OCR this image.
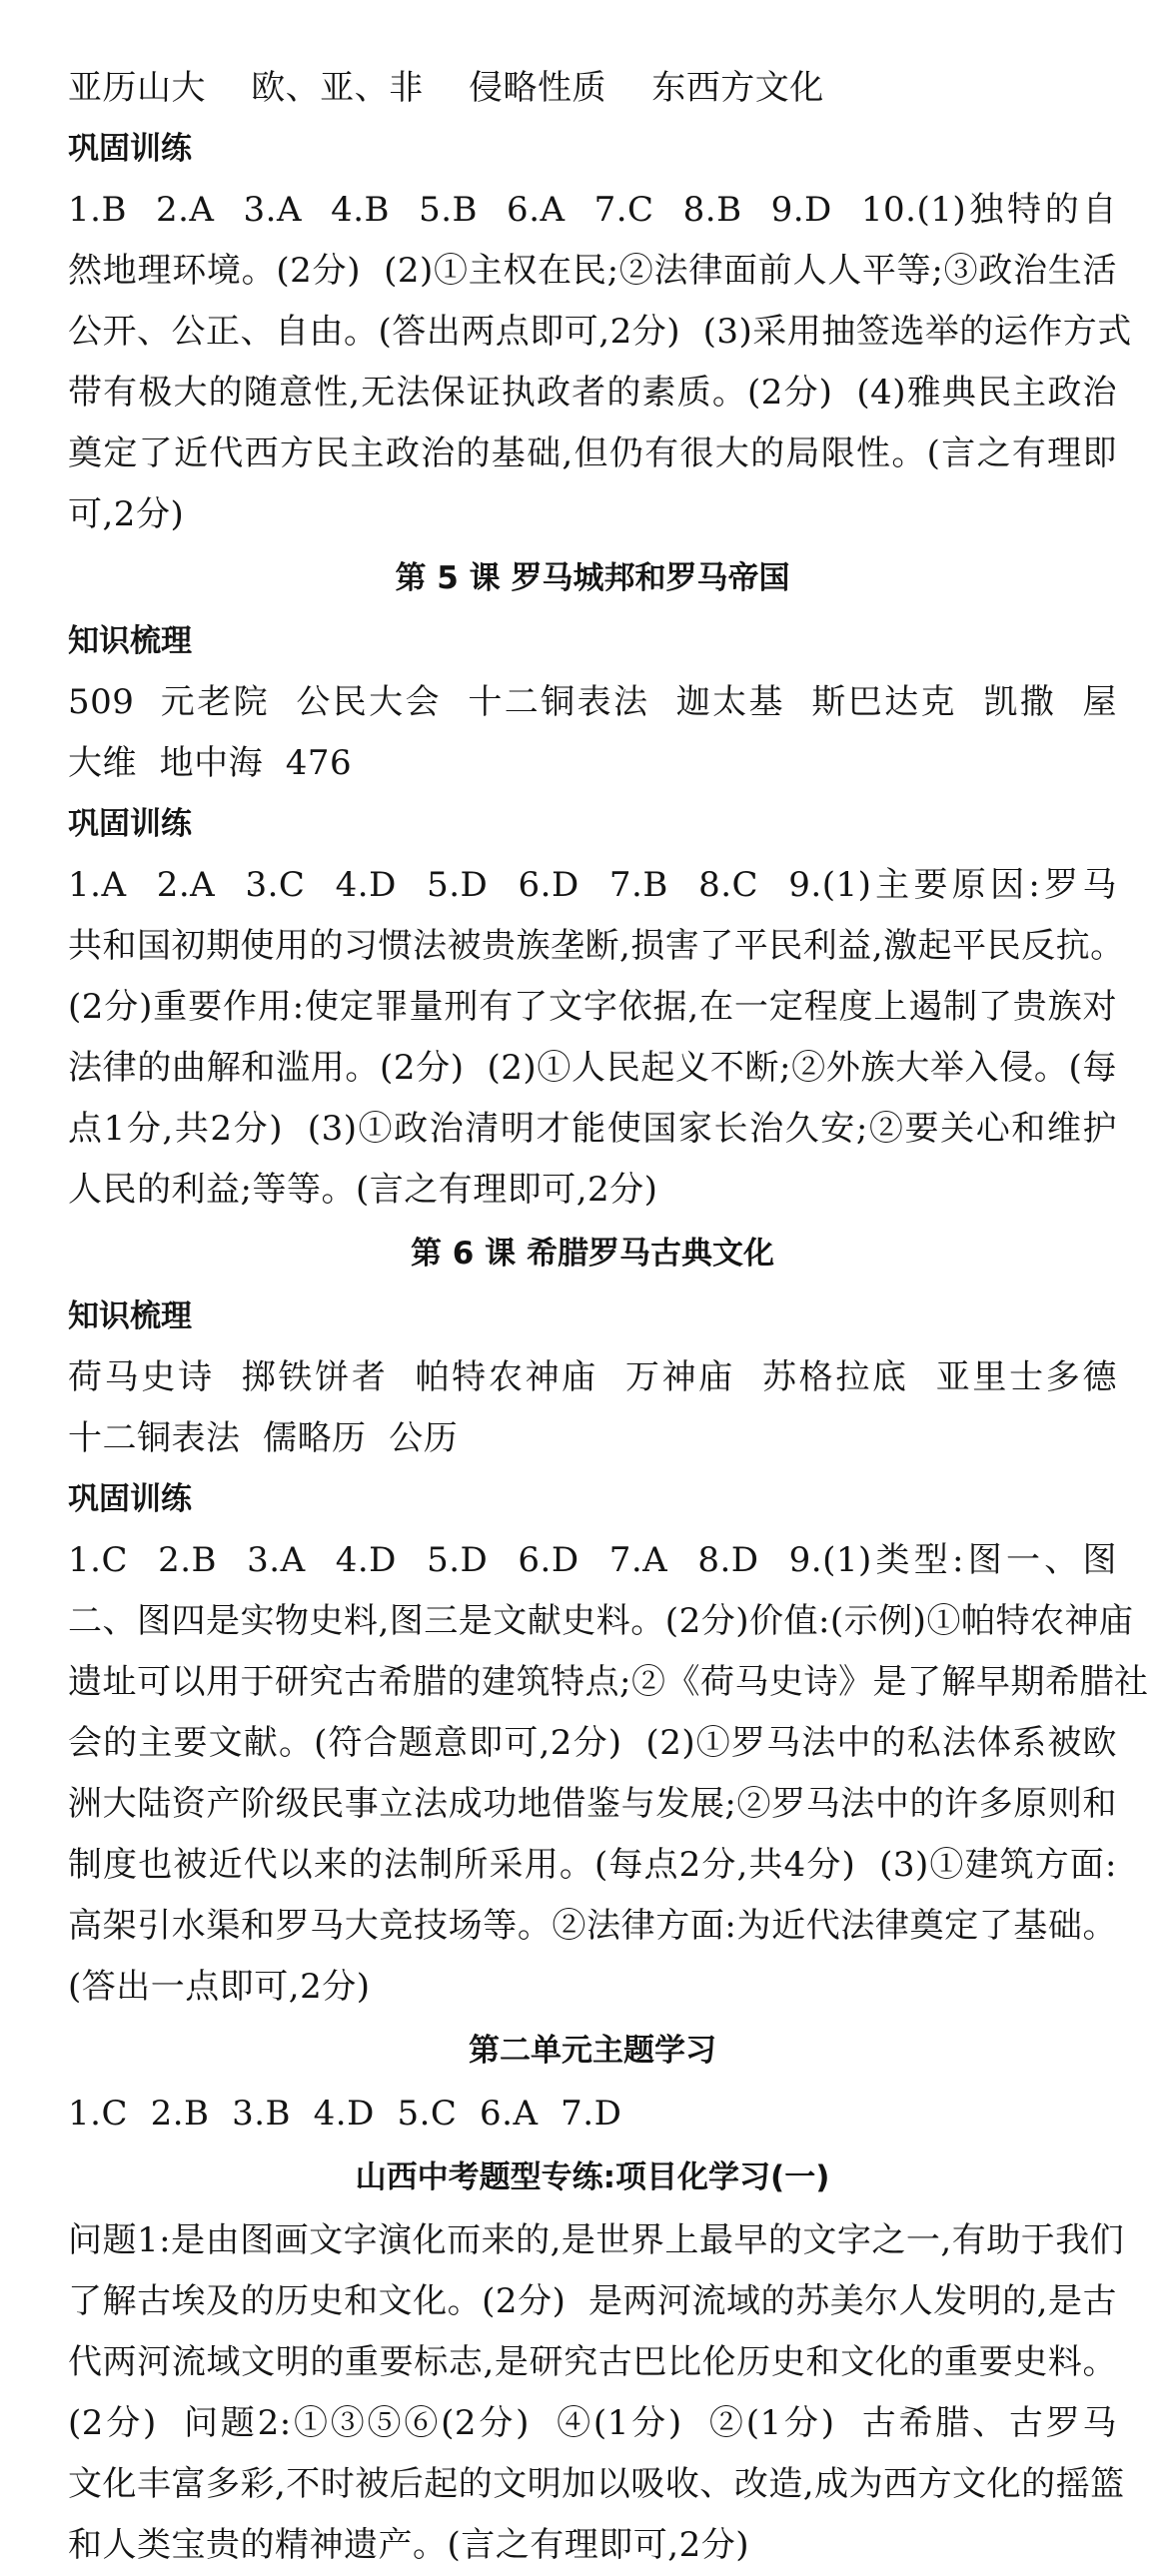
亚历山大    欧、亚、非    侵略性质    东西方文化
巩固训练
1.B  2.A  3.A  4.B  5.B  6.A  7.C  8.B  9.D  10.(1)独特的自
然地理环境。(2分)  (2)①主权在民;②法律面前人人平等;③政治生活
公开、公正、自由。(答出两点即可,2分)  (3)采用抽签选举的运作方式
带有极大的随意性,无法保证执政者的素质。(2分)  (4)雅典民主政治
奠定了近代西方民主政治的基础,但仍有很大的局限性。(言之有理即
可,2分)
第 5 课 罗马城邦和罗马帝国
知识梳理
509  元老院  公民大会  十二铜表法  迦太基  斯巴达克  凯撒  屋
大维  地中海  476
巩固训练
1.A  2.A  3.C  4.D  5.D  6.D  7.B  8.C  9.(1)主要原因:罗马
共和国初期使用的习惯法被贵族垄断,损害了平民利益,激起平民反抗。
(2分)重要作用:使定罪量刑有了文字依据,在一定程度上遏制了贵族对
法律的曲解和滥用。(2分)  (2)①人民起义不断;②外族大举入侵。(每
点1分,共2分)  (3)①政治清明才能使国家长治久安;②要关心和维护
人民的利益;等等。(言之有理即可,2分)
第 6 课 希腊罗马古典文化
知识梳理
荷马史诗  掷铁饼者  帕特农神庙  万神庙  苏格拉底  亚里士多德
十二铜表法  儒略历  公历
巩固训练
1.C  2.B  3.A  4.D  5.D  6.D  7.A  8.D  9.(1)类型:图一、图
二、图四是实物史料,图三是文献史料。(2分)价值:(示例)①帕特农神庙
遗址可以用于研究古希腊的建筑特点;②《荷马史诗》是了解早期希腊社
会的主要文献。(符合题意即可,2分)  (2)①罗马法中的私法体系被欧
洲大陆资产阶级民事立法成功地借鉴与发展;②罗马法中的许多原则和
制度也被近代以来的法制所采用。(每点2分,共4分)  (3)①建筑方面:
高架引水渠和罗马大竞技场等。②法律方面:为近代法律奠定了基础。
(答出一点即可,2分)
第二单元主题学习
1.C  2.B  3.B  4.D  5.C  6.A  7.D
山西中考题型专练:项目化学习(一)
问题1:是由图画文字演化而来的,是世界上最早的文字之一,有助于我们
了解古埃及的历史和文化。(2分)  是两河流域的苏美尔人发明的,是古
代两河流域文明的重要标志,是研究古巴比伦历史和文化的重要史料。
(2分)  问题2:①③⑤⑥(2分)  ④(1分)  ②(1分)  古希腊、古罗马
文化丰富多彩,不时被后起的文明加以吸收、改造,成为西方文化的摇篮
和人类宝贵的精神遗产。(言之有理即可,2分)
